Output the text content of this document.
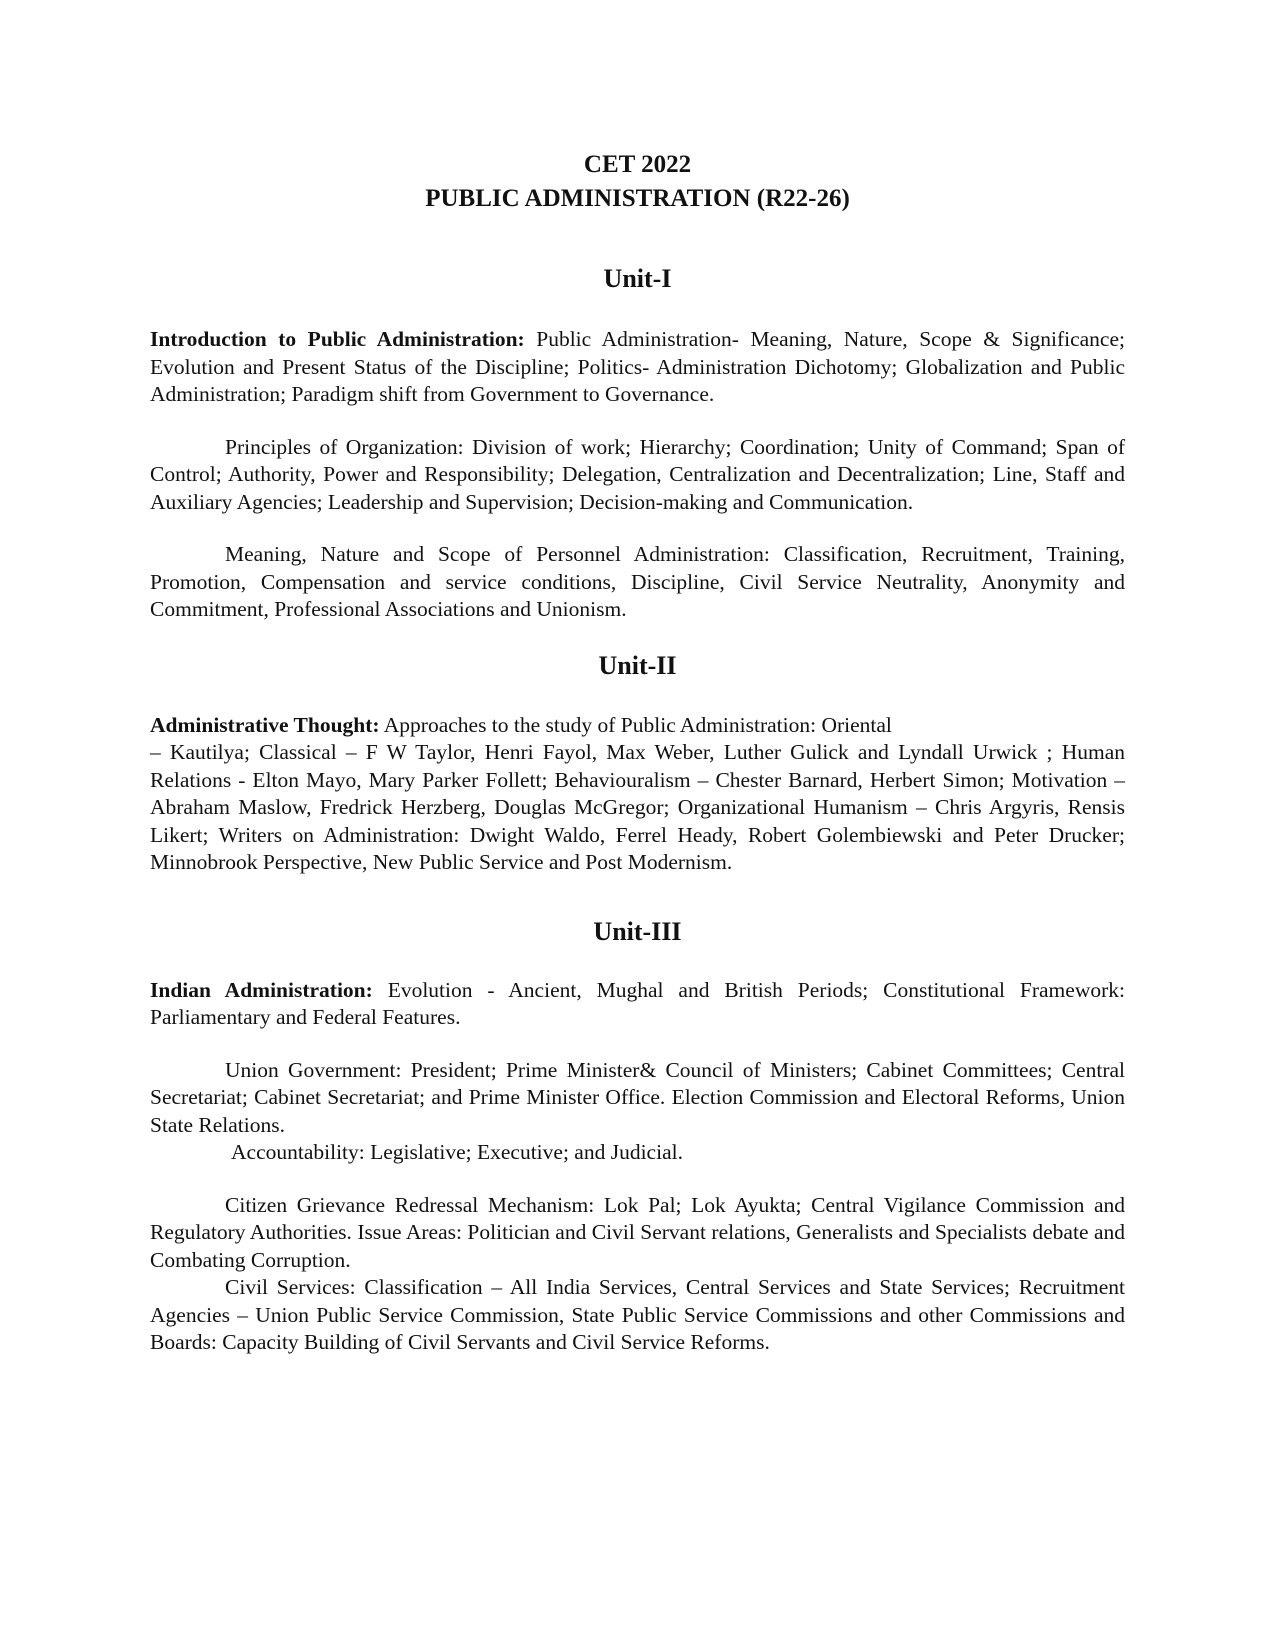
CET 2022
PUBLIC ADMINISTRATION (R22-26)
Unit-I

Introduction to Public Administration: Public Administration- Meaning, Nature, Scope & Significance; Evolution and Present Status of the Discipline; Politics- Administration Dichotomy; Globalization and Public Administration; Paradigm shift from Government to Governance.

Principles of Organization: Division of work; Hierarchy; Coordination; Unity of Command; Span of Control; Authority, Power and Responsibility; Delegation, Centralization and Decentralization; Line, Staff and Auxiliary Agencies; Leadership and Supervision; Decision-making and Communication.

Meaning, Nature and Scope of Personnel Administration: Classification, Recruitment, Training, Promotion, Compensation and service conditions, Discipline, Civil Service Neutrality, Anonymity and Commitment, Professional Associations and Unionism.

Unit-II

Administrative Thought: Approaches to the study of Public Administration: Oriental
– Kautilya; Classical – F W Taylor, Henri Fayol, Max Weber, Luther Gulick and Lyndall Urwick ; Human Relations - Elton Mayo, Mary Parker Follett; Behaviouralism – Chester Barnard, Herbert Simon; Motivation – Abraham Maslow, Fredrick Herzberg, Douglas McGregor; Organizational Humanism – Chris Argyris, Rensis Likert; Writers on Administration: Dwight Waldo, Ferrel Heady, Robert Golembiewski and Peter Drucker; Minnobrook Perspective, New Public Service and Post Modernism.

Unit-III

Indian Administration: Evolution - Ancient, Mughal and British Periods; Constitutional Framework: Parliamentary and Federal Features.

Union Government: President; Prime Minister& Council of Ministers; Cabinet Committees; Central Secretariat; Cabinet Secretariat; and Prime Minister Office. Election Commission and Electoral Reforms, Union State Relations.

Accountability: Legislative; Executive; and Judicial.

Citizen Grievance Redressal Mechanism: Lok Pal; Lok Ayukta; Central Vigilance Commission and Regulatory Authorities. Issue Areas: Politician and Civil Servant relations, Generalists and Specialists debate and Combating Corruption.

Civil Services: Classification – All India Services, Central Services and State Services; Recruitment Agencies – Union Public Service Commission, State Public Service Commissions and other Commissions and Boards: Capacity Building of Civil Servants and Civil Service Reforms.
